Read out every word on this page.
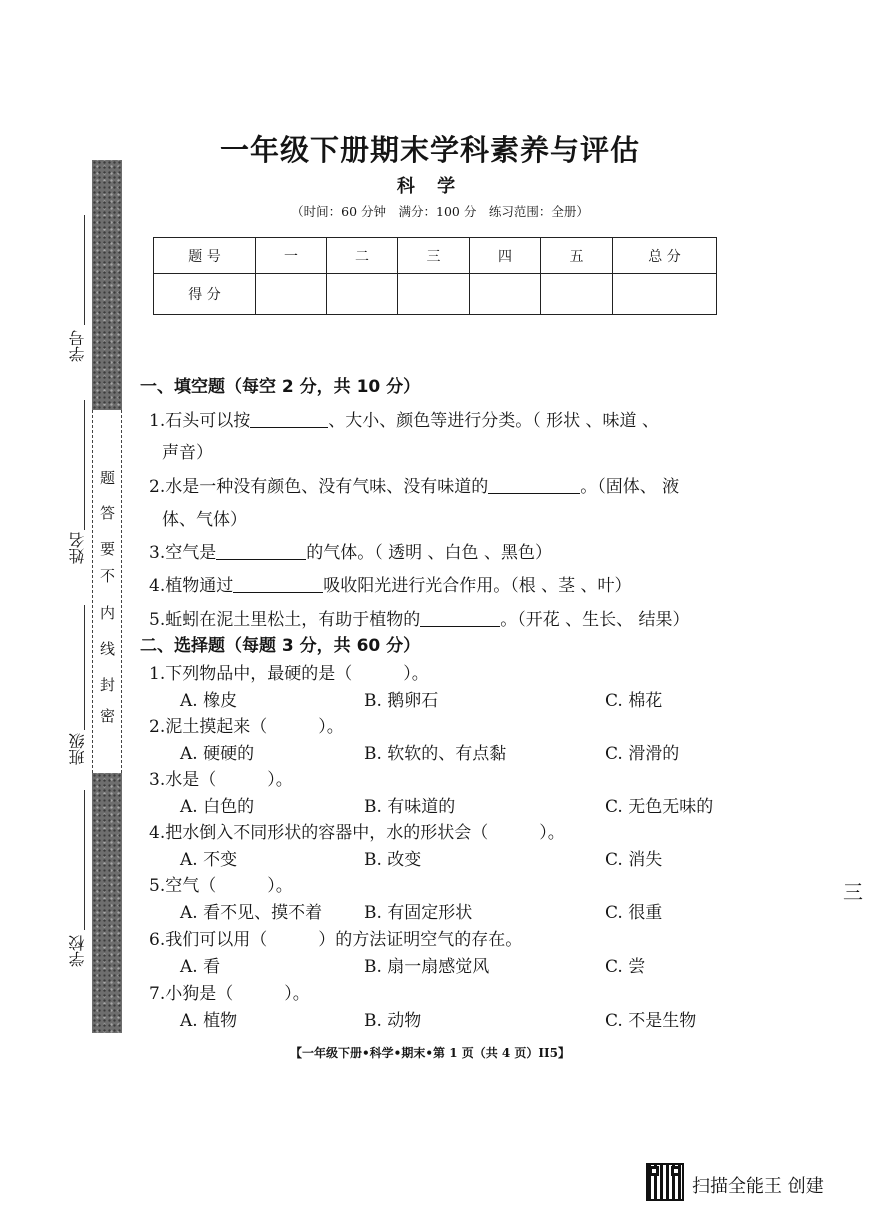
密
封
线
内
不
要
答
题
学号
姓名
班级
学校
一年级下册期末学科素养与评估
科 学
（时间：60 分钟　满分：100 分　练习范围：全册）
题 号	一	二	三	四	五	总 分
得 分						
一、填空题（每空 2 分，共 10 分）
1.石头可以按	、大小、颜色等进行分类。（ 形状 、味道 、
声音）
2.水是一种没有颜色、没有气味、没有味道的	。（固体、 液
体、气体）
3.空气是	的气体。（ 透明 、白色 、黑色）
4.植物通过	吸收阳光进行光合作用。（根 、茎 、叶）
5.蚯蚓在泥土里松土，有助于植物的	。（开花 、生长、 结果）
二、选择题（每题 3 分，共 60 分）
1.下列物品中，最硬的是（　　　）。
A. 橡皮	B. 鹅卵石	C. 棉花
2.泥土摸起来（　　　）。
A. 硬硬的	B. 软软的、有点黏	C. 滑滑的
3.水是（　　　）。
A. 白色的	B. 有味道的	C. 无色无味的
4.把水倒入不同形状的容器中，水的形状会（　　　）。
A. 不变	B. 改变	C. 消失
5.空气（　　　）。
A. 看不见、摸不着 B. 有固定形状	C. 很重
6.我们可以用（　　　）的方法证明空气的存在。
A. 看	B. 扇一扇感觉风	C. 尝
7.小狗是（　　　）。
A. 植物	B. 动物	C. 不是生物
【一年级下册•科学•期末•第 1 页（共 4 页）II5】
三
扫描全能王 创建
